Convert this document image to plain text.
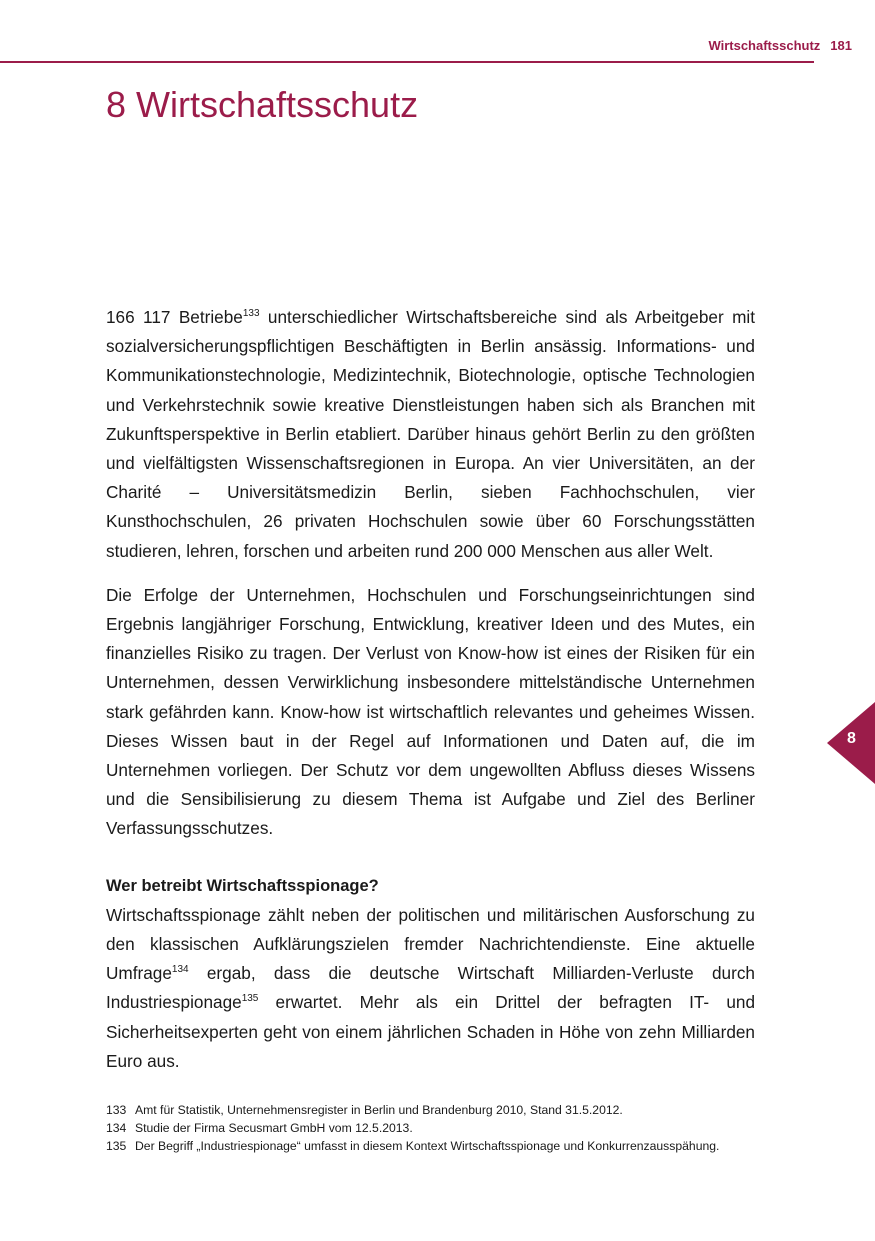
Wirtschaftsschutz 181
8 Wirtschaftsschutz

166 117 Betriebe$^{133}$ unterschiedlicher Wirtschaftsbereiche sind als Arbeitgeber mit sozialversicherungspflichtigen Beschäftigten in Berlin ansässig. Informations- und Kommunikationstechnologie, Medizintechnik, Biotechnologie, optische Technologien und Verkehrstechnik sowie kreative Dienstleistungen haben sich als Branchen mit Zukunftsperspektive in Berlin etabliert. Darüber hinaus gehört Berlin zu den größten und vielfältigsten Wissenschaftsregionen in Europa. An vier Universitäten, an der Charité – Universitätsmedizin Berlin, sieben Fachhochschulen, vier Kunsthochschulen, 26 privaten Hochschulen sowie über 60 Forschungsstätten studieren, lehren, forschen und arbeiten rund 200 000 Menschen aus aller Welt.

Die Erfolge der Unternehmen, Hochschulen und Forschungseinrichtungen sind Ergebnis langjähriger Forschung, Entwicklung, kreativer Ideen und des Mutes, ein finanzielles Risiko zu tragen. Der Verlust von Know-how ist eines der Risiken für ein Unternehmen, dessen Verwirklichung insbesondere mittelständische Unternehmen stark gefährden kann. Know-how ist wirtschaftlich relevantes und geheimes Wissen. Dieses Wissen baut in der Regel auf Informationen und Daten auf, die im Unternehmen vorliegen. Der Schutz vor dem ungewollten Abfluss dieses Wissens und die Sensibilisierung zu diesem Thema ist Aufgabe und Ziel des Berliner Verfassungsschutzes.

Wer betreibt Wirtschaftsspionage?

Wirtschaftsspionage zählt neben der politischen und militärischen Ausforschung zu den klassischen Aufklärungszielen fremder Nachrichtendienste. Eine aktuelle Umfrage$^{134}$ ergab, dass die deutsche Wirtschaft Milliarden-Verluste durch Industriespionage$^{135}$ erwartet. Mehr als ein Drittel der befragten IT- und Sicherheitsexperten geht von einem jährlichen Schaden in Höhe von zehn Milliarden Euro aus.

133 Amt für Statistik, Unternehmensregister in Berlin und Brandenburg 2010, Stand 31.5.2012.
134 Studie der Firma Secusmart GmbH vom 12.5.2013.
135 Der Begriff „Industriespionage“ umfasst in diesem Kontext Wirtschaftsspionage und Konkurrenzausspähung.
8
